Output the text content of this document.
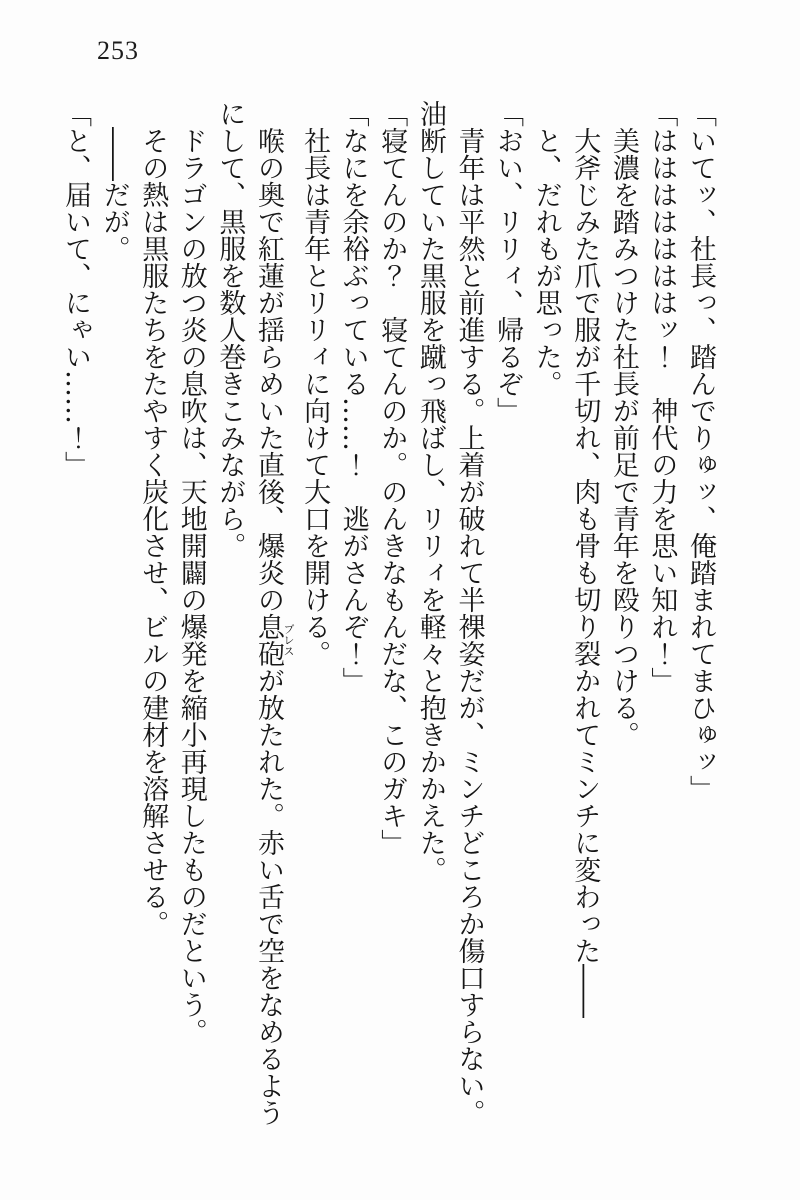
253

「いてッ、社長っ、踏んでりゅッ、俺踏まれてまひゅッ」

「はははははははッ！　神代の力を思い知れ！」

美濃を踏みつけた社長が前足で青年を殴りつける。

大斧じみた爪で服が千切れ、肉も骨も切り裂かれてミンチに変わった――

と、だれもが思った。

「おい、リリィ、帰るぞ」

青年は平然と前進する。上着が破れて半裸姿だが、ミンチどころか傷口すらない。油断していた黒服を蹴っ飛ばし、リリィを軽々と抱きかかえた。

「寝てんのか？　寝てんのか。のんきなもんだな、このガキ」

「なにを余裕ぶっている……！　逃がさんぞ！」

社長は青年とリリィに向けて大口を開ける。

喉の奥で紅蓮が揺らめいた直後、爆炎の息砲ブレスが放たれた。赤い舌で空をなめるようにして、黒服を数人巻きこみながら。

ドラゴンの放つ炎の息吹は、天地開闢の爆発を縮小再現したものだという。

その熱は黒服たちをたやすく炭化させ、ビルの建材を溶解させる。

――だが。

「と、届いて、にゃい……！」
